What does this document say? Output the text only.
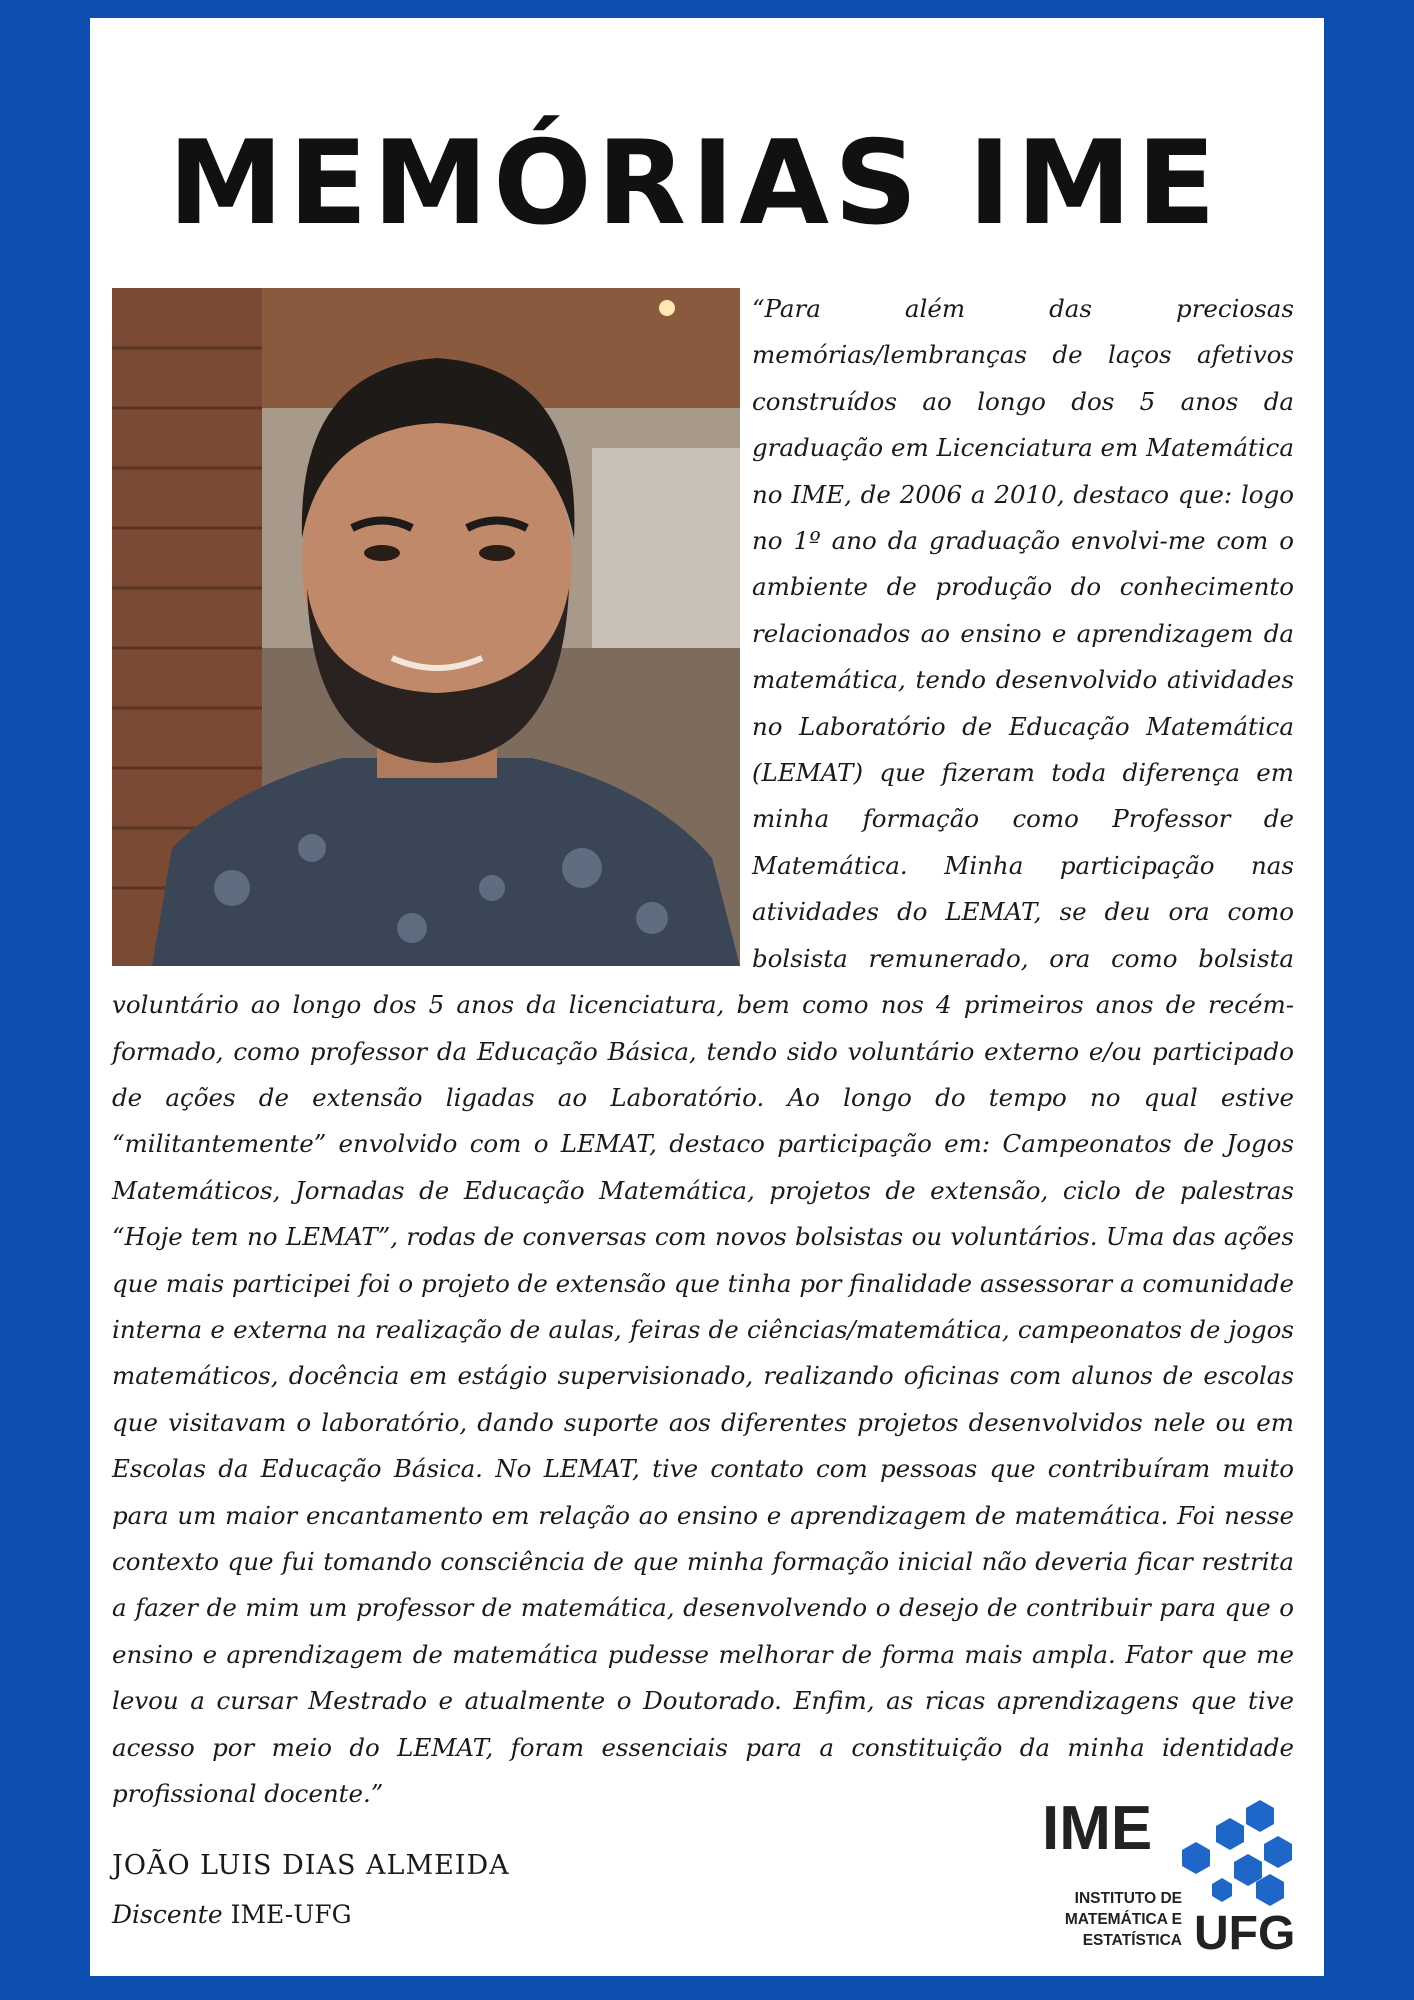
MEMÓRIAS IME

“Para além das preciosas memórias/lembranças de laços afetivos construídos ao longo dos 5 anos da graduação em Licenciatura em Matemática no IME, de 2006 a 2010, destaco que: logo no 1º ano da graduação envolvi-me com o ambiente de produção do conhecimento relacionados ao ensino e aprendizagem da matemática, tendo desenvolvido atividades no Laboratório de Educação Matemática (LEMAT) que fizeram toda diferença em minha formação como Professor de Matemática. Minha participação nas atividades do LEMAT, se deu ora como bolsista remunerado, ora como bolsista voluntário ao longo dos 5 anos da licenciatura, bem como nos 4 primeiros anos de recém-formado, como professor da Educação Básica, tendo sido voluntário externo e/ou participado de ações de extensão ligadas ao Laboratório. Ao longo do tempo no qual estive “militantemente” envolvido com o LEMAT, destaco participação em: Campeonatos de Jogos Matemáticos, Jornadas de Educação Matemática, projetos de extensão, ciclo de palestras “Hoje tem no LEMAT”, rodas de conversas com novos bolsistas ou voluntários. Uma das ações que mais participei foi o projeto de extensão que tinha por finalidade assessorar a comunidade interna e externa na realização de aulas, feiras de ciências/matemática, campeonatos de jogos matemáticos, docência em estágio supervisionado, realizando oficinas com alunos de escolas que visitavam o laboratório, dando suporte aos diferentes projetos desenvolvidos nele ou em Escolas da Educação Básica. No LEMAT, tive contato com pessoas que contribuíram muito para um maior encantamento em relação ao ensino e aprendizagem de matemática. Foi nesse contexto que fui tomando consciência de que minha formação inicial não deveria ficar restrita a fazer de mim um professor de matemática, desenvolvendo o desejo de contribuir para que o ensino e aprendizagem de matemática pudesse melhorar de forma mais ampla. Fator que me levou a cursar Mestrado e atualmente o Doutorado. Enfim, as ricas aprendizagens que tive acesso por meio do LEMAT, foram essenciais para a constituição da minha identidade profissional docente.”

JOÃO LUIS DIAS ALMEIDA
Discente IME-UFG
IME
INSTITUTO DE
MATEMÁTICA E
ESTATÍSTICA UFG
